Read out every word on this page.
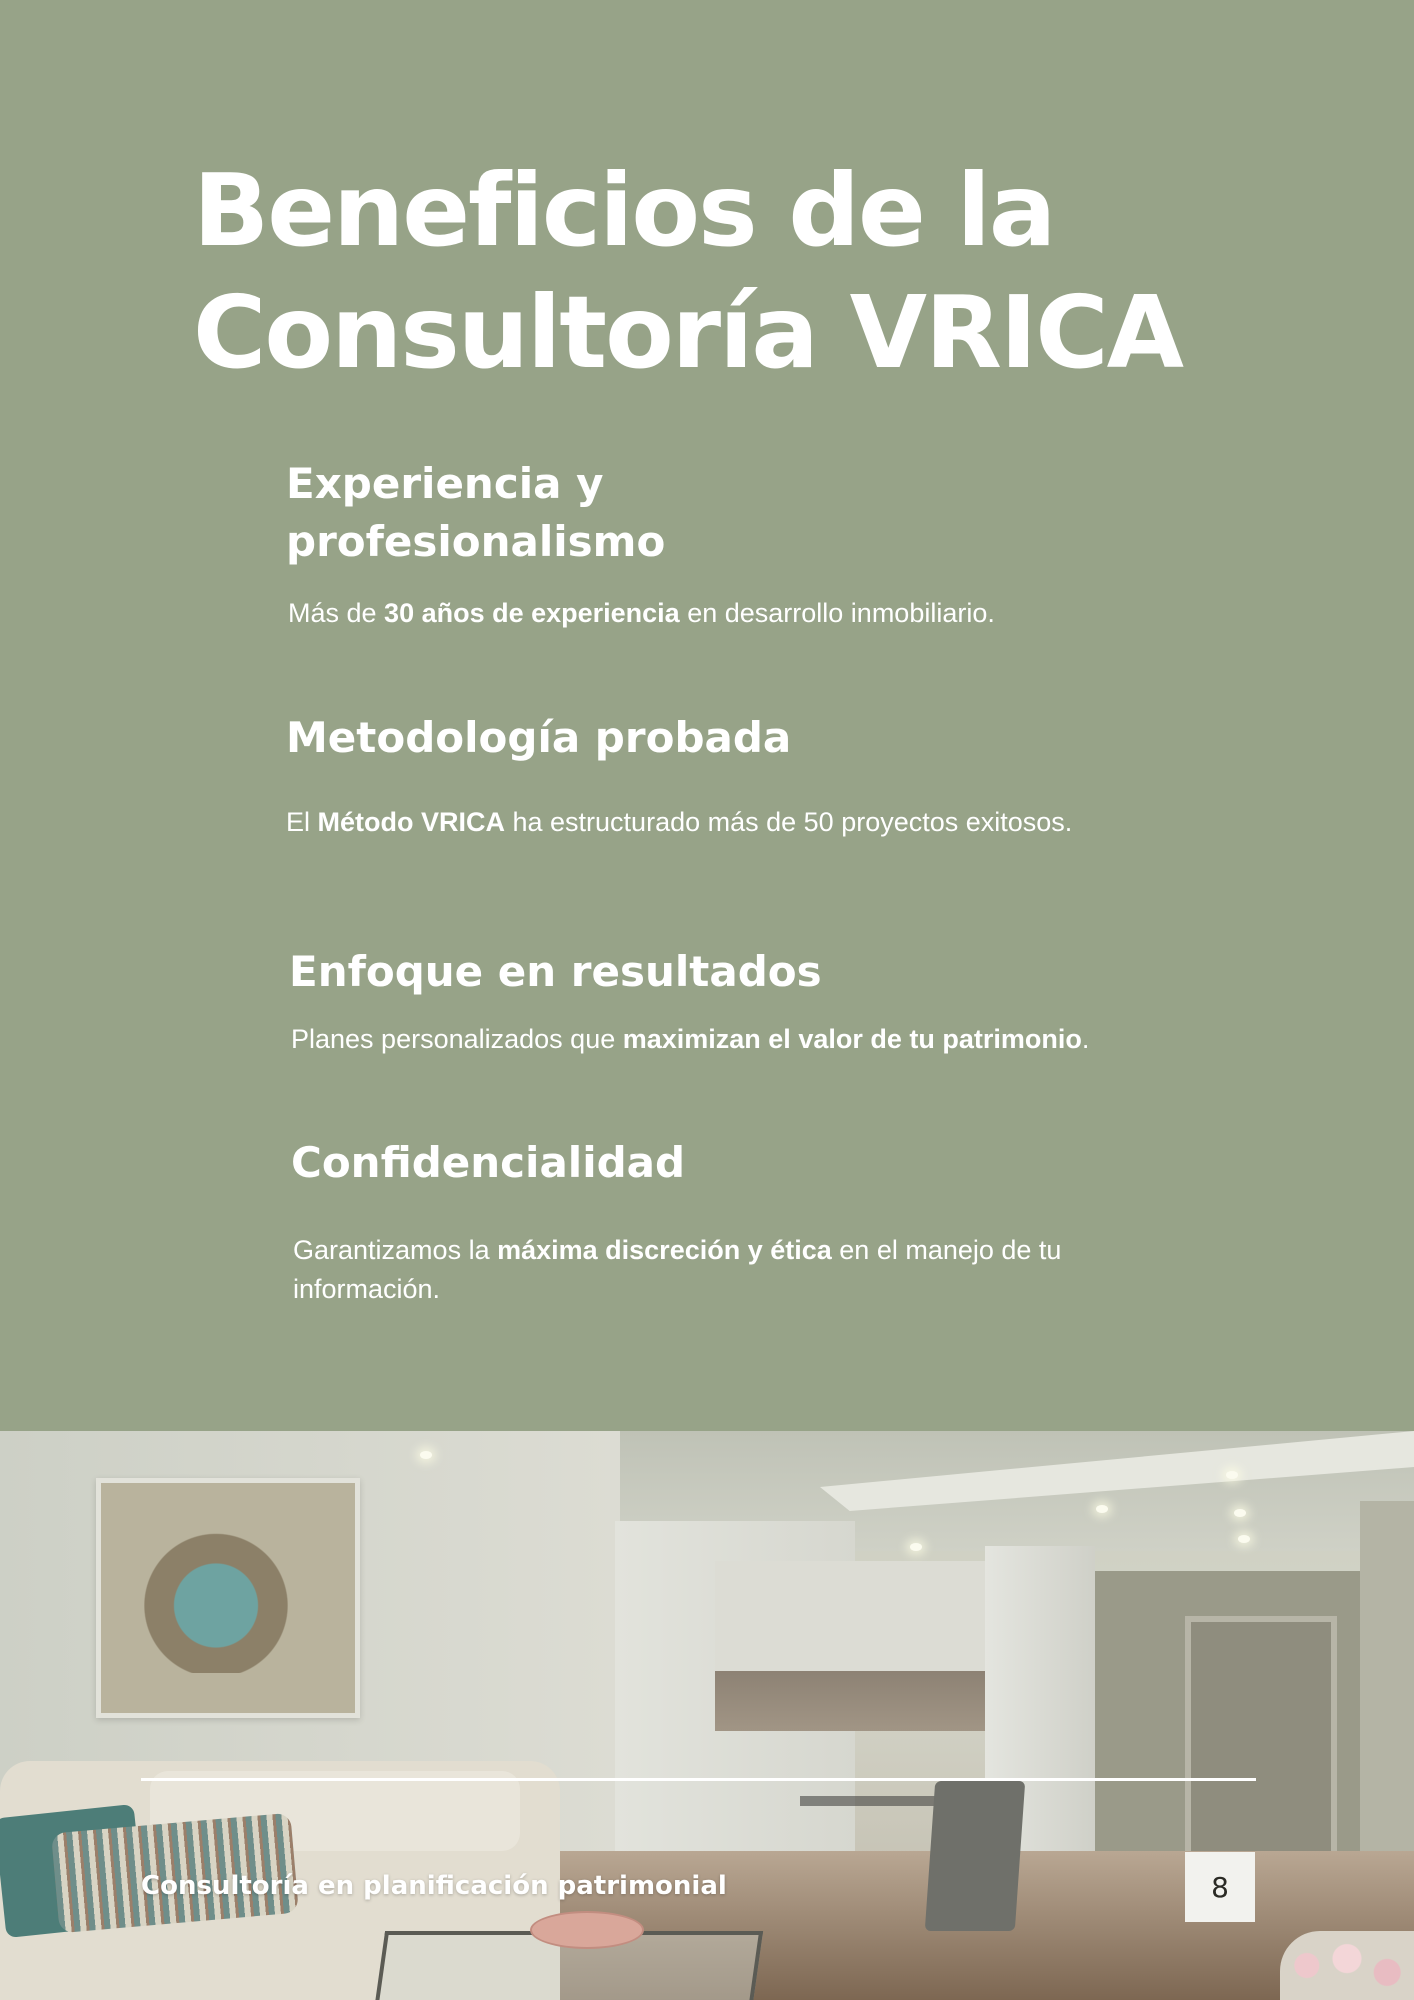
Beneficios de la
Consultoría VRICA
Experiencia y
profesionalismo

Más de 30 años de experiencia en desarrollo inmobiliario.

Metodología probada

El Método VRICA ha estructurado más de 50 proyectos exitosos.

Enfoque en resultados

Planes personalizados que maximizan el valor de tu patrimonio.

Confidencialidad

Garantizamos la máxima discreción y ética en el manejo de tu información.

Consultoría en planificación patrimonial	8
